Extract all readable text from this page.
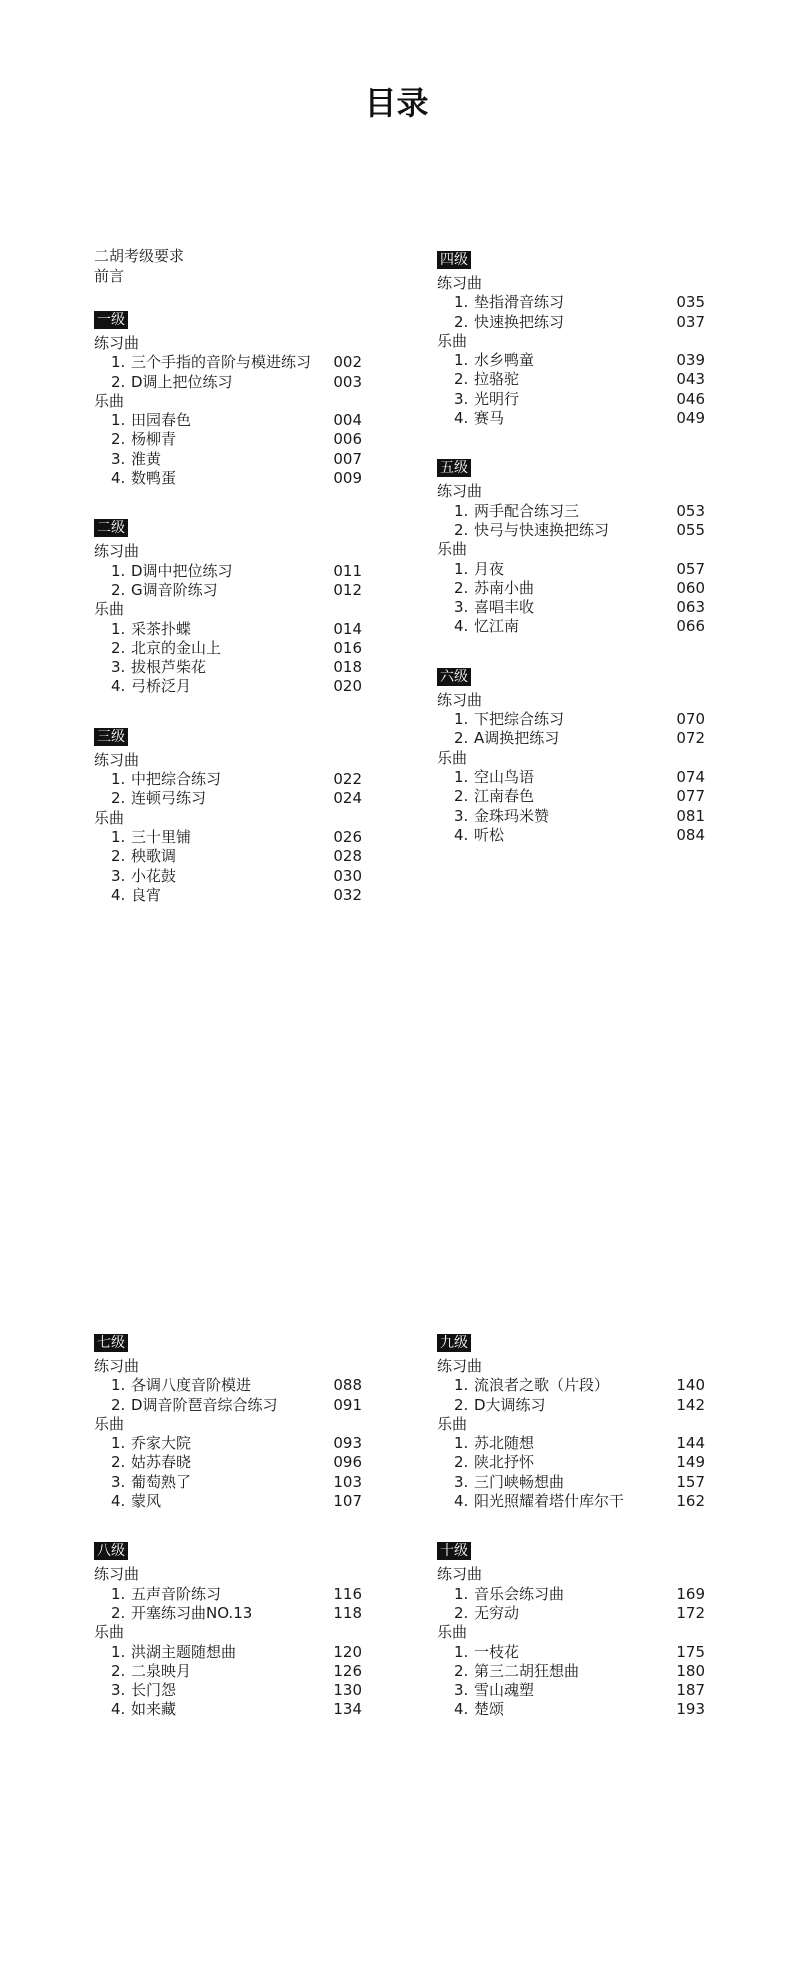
目录
二胡考级要求
前言
一级
练习曲
1. 三个手指的音阶与模进练习 002
2. D调上把位练习	003
乐曲
1. 田园春色	004
2. 杨柳青	006
3. 淮黄	007
4. 数鸭蛋	009
二级
练习曲
1. D调中把位练习	011
2. G调音阶练习	012
乐曲
1. 采茶扑蝶	014
2. 北京的金山上	016
3. 拔根芦柴花	018
4. 弓桥泛月	020
三级
练习曲
1. 中把综合练习	022
2. 连顿弓练习	024
乐曲
1. 三十里铺	026
2. 秧歌调	028
3. 小花鼓	030
4. 良宵	032
四级
练习曲
1. 垫指滑音练习	035
2. 快速换把练习	037
乐曲
1. 水乡鸭童	039
2. 拉骆驼	043
3. 光明行	046
4. 赛马	049
五级
练习曲
1. 两手配合练习三	053
2. 快弓与快速换把练习	055
乐曲
1. 月夜	057
2. 苏南小曲	060
3. 喜唱丰收	063
4. 忆江南	066
六级
练习曲
1. 下把综合练习	070
2. A调换把练习	072
乐曲
1. 空山鸟语	074
2. 江南春色	077
3. 金珠玛米赞	081
4. 听松	084
七级
练习曲
1. 各调八度音阶模进	088
2. D调音阶琶音综合练习	091
乐曲
1. 乔家大院	093
2. 姑苏春晓	096
3. 葡萄熟了	103
4. 蒙风	107
八级
练习曲
1. 五声音阶练习	116
2. 开塞练习曲NO.13	118
乐曲
1. 洪湖主题随想曲	120
2. 二泉映月	126
3. 长门怨	130
4. 如来藏	134
九级
练习曲
1. 流浪者之歌（片段）	140
2. D大调练习	142
乐曲
1. 苏北随想	144
2. 陕北抒怀	149
3. 三门峡畅想曲	157
4. 阳光照耀着塔什库尔干	162
十级
练习曲
1. 音乐会练习曲	169
2. 无穷动	172
乐曲
1. 一枝花	175
2. 第三二胡狂想曲	180
3. 雪山魂塑	187
4. 楚颂	193
